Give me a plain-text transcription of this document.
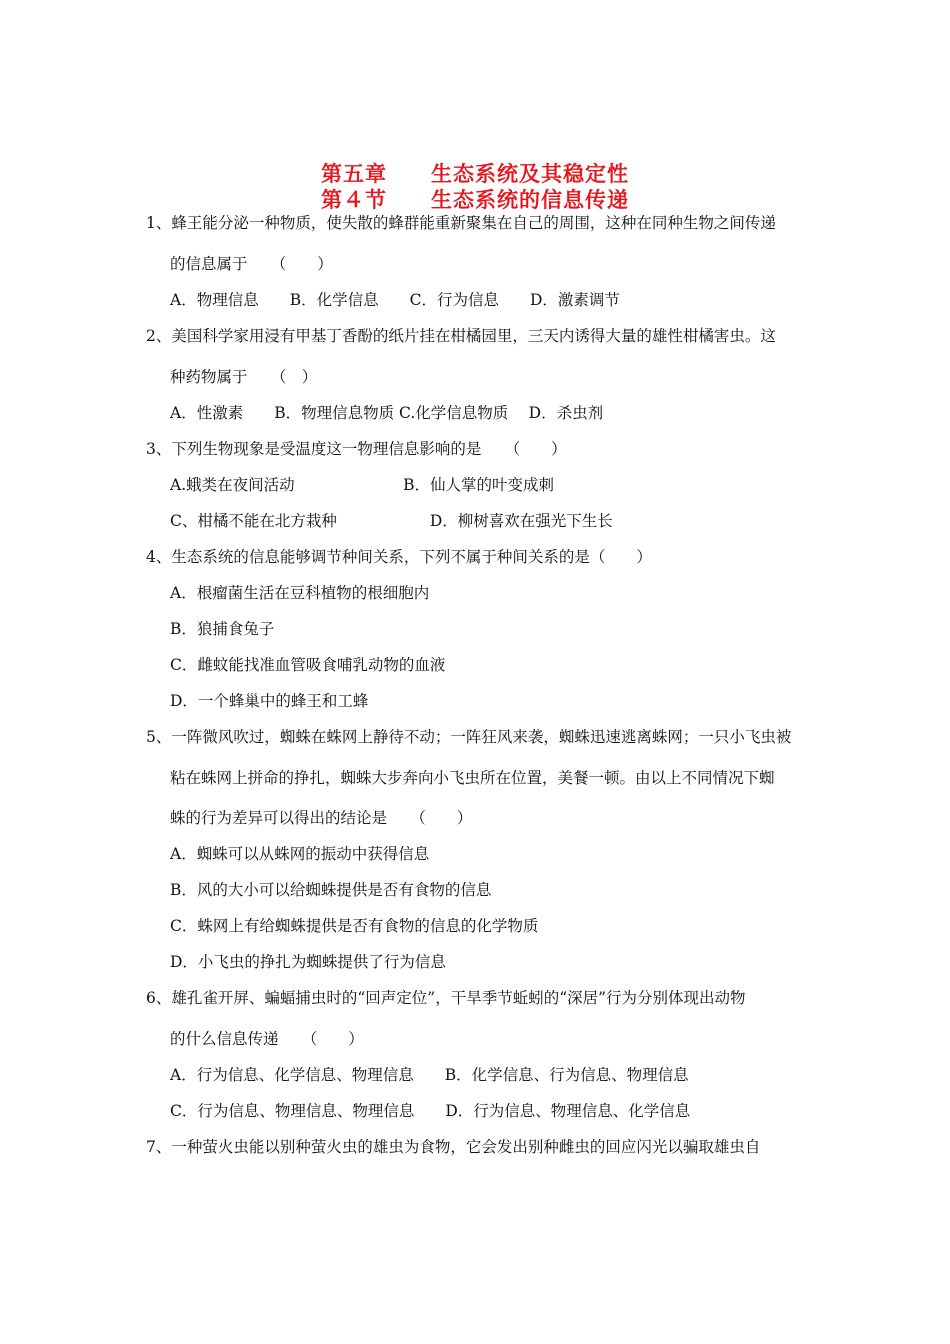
第五章　　生态系统及其稳定性
第４节　　生态系统的信息传递
1、蜂王能分泌一种物质，使失散的蜂群能重新聚集在自己的周围，这种在同种生物之间传递
的信息属于　　（　　）
A．物理信息　　B．化学信息　　C．行为信息　　D．激素调节
2、美国科学家用浸有甲基丁香酚的纸片挂在柑橘园里，三天内诱得大量的雄性柑橘害虫。这
种药物属于　　（　）
A．性激素　　B．物理信息物质 C.化学信息物质　 D．杀虫剂
3、下列生物现象是受温度这一物理信息影响的是　　（　　）
A.蛾类在夜间活动　　　　　　　B．仙人掌的叶变成刺
C、柑橘不能在北方栽种　　　　　　D．柳树喜欢在强光下生长
4、生态系统的信息能够调节种间关系，下列不属于种间关系的是（　　）
A．根瘤菌生活在豆科植物的根细胞内
B．狼捕食兔子
C．雌蚊能找准血管吸食哺乳动物的血液
D．一个蜂巢中的蜂王和工蜂
5、一阵微风吹过，蜘蛛在蛛网上静待不动；一阵狂风来袭，蜘蛛迅速逃离蛛网；一只小飞虫被
粘在蛛网上拼命的挣扎，蜘蛛大步奔向小飞虫所在位置，美餐一顿。由以上不同情况下蜘
蛛的行为差异可以得出的结论是　　（　　）
A．蜘蛛可以从蛛网的振动中获得信息
B．风的大小可以给蜘蛛提供是否有食物的信息
C．蛛网上有给蜘蛛提供是否有食物的信息的化学物质
D．小飞虫的挣扎为蜘蛛提供了行为信息
6、雄孔雀开屏、蝙蝠捕虫时的“回声定位”，干旱季节蚯蚓的“深居”行为分别体现出动物
的什么信息传递　　（　　）
A．行为信息、化学信息、物理信息　　B．化学信息、行为信息、物理信息
C．行为信息、物理信息、物理信息　　D．行为信息、物理信息、化学信息
7、一种萤火虫能以别种萤火虫的雄虫为食物，它会发出别种雌虫的回应闪光以骗取雄虫自
